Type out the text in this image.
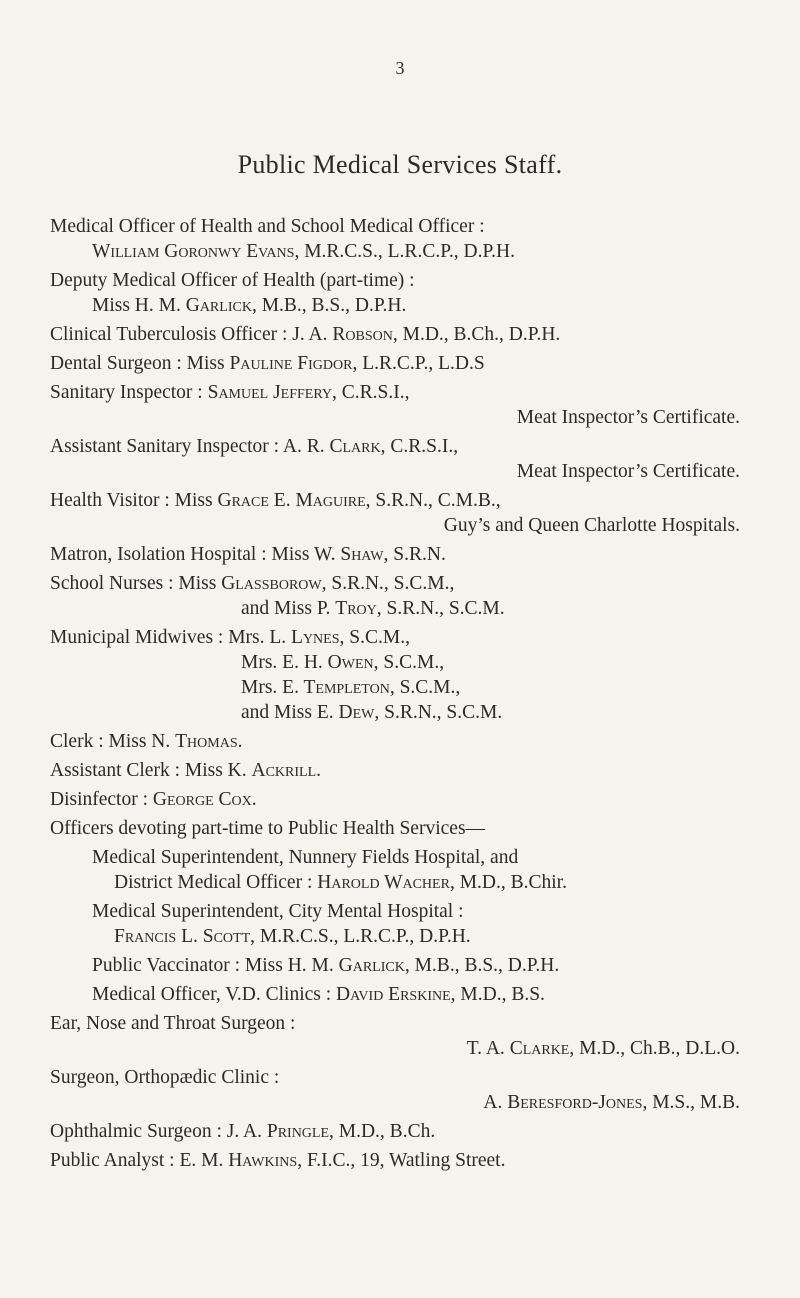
3
Public Medical Services Staff.
Medical Officer of Health and School Medical Officer :
William Goronwy Evans, M.R.C.S., L.R.C.P., D.P.H.
Deputy Medical Officer of Health (part-time) :
Miss H. M. Garlick, M.B., B.S., D.P.H.
Clinical Tuberculosis Officer : J. A. Robson, M.D., B.Ch., D.P.H.
Dental Surgeon : Miss Pauline Figdor, L.R.C.P., L.D.S
Sanitary Inspector : Samuel Jeffery, C.R.S.I.,
Meat Inspector’s Certificate.
Assistant Sanitary Inspector : A. R. Clark, C.R.S.I.,
Meat Inspector’s Certificate.
Health Visitor : Miss Grace E. Maguire, S.R.N., C.M.B.,
Guy’s and Queen Charlotte Hospitals.
Matron, Isolation Hospital : Miss W. Shaw, S.R.N.
School Nurses : Miss Glassborow, S.R.N., S.C.M.,
and Miss P. Troy, S.R.N., S.C.M.
Municipal Midwives : Mrs. L. Lynes, S.C.M.,
Mrs. E. H. Owen, S.C.M.,
Mrs. E. Templeton, S.C.M.,
and Miss E. Dew, S.R.N., S.C.M.
Clerk : Miss N. Thomas.
Assistant Clerk : Miss K. Ackrill.
Disinfector : George Cox.
Officers devoting part-time to Public Health Services—
Medical Superintendent, Nunnery Fields Hospital, and
District Medical Officer : Harold Wacher, M.D., B.Chir.
Medical Superintendent, City Mental Hospital :
Francis L. Scott, M.R.C.S., L.R.C.P., D.P.H.
Public Vaccinator : Miss H. M. Garlick, M.B., B.S., D.P.H.
Medical Officer, V.D. Clinics : David Erskine, M.D., B.S.
Ear, Nose and Throat Surgeon :
T. A. Clarke, M.D., Ch.B., D.L.O.
Surgeon, Orthopædic Clinic :
A. Beresford-Jones, M.S., M.B.
Ophthalmic Surgeon : J. A. Pringle, M.D., B.Ch.
Public Analyst : E. M. Hawkins, F.I.C., 19, Watling Street.
